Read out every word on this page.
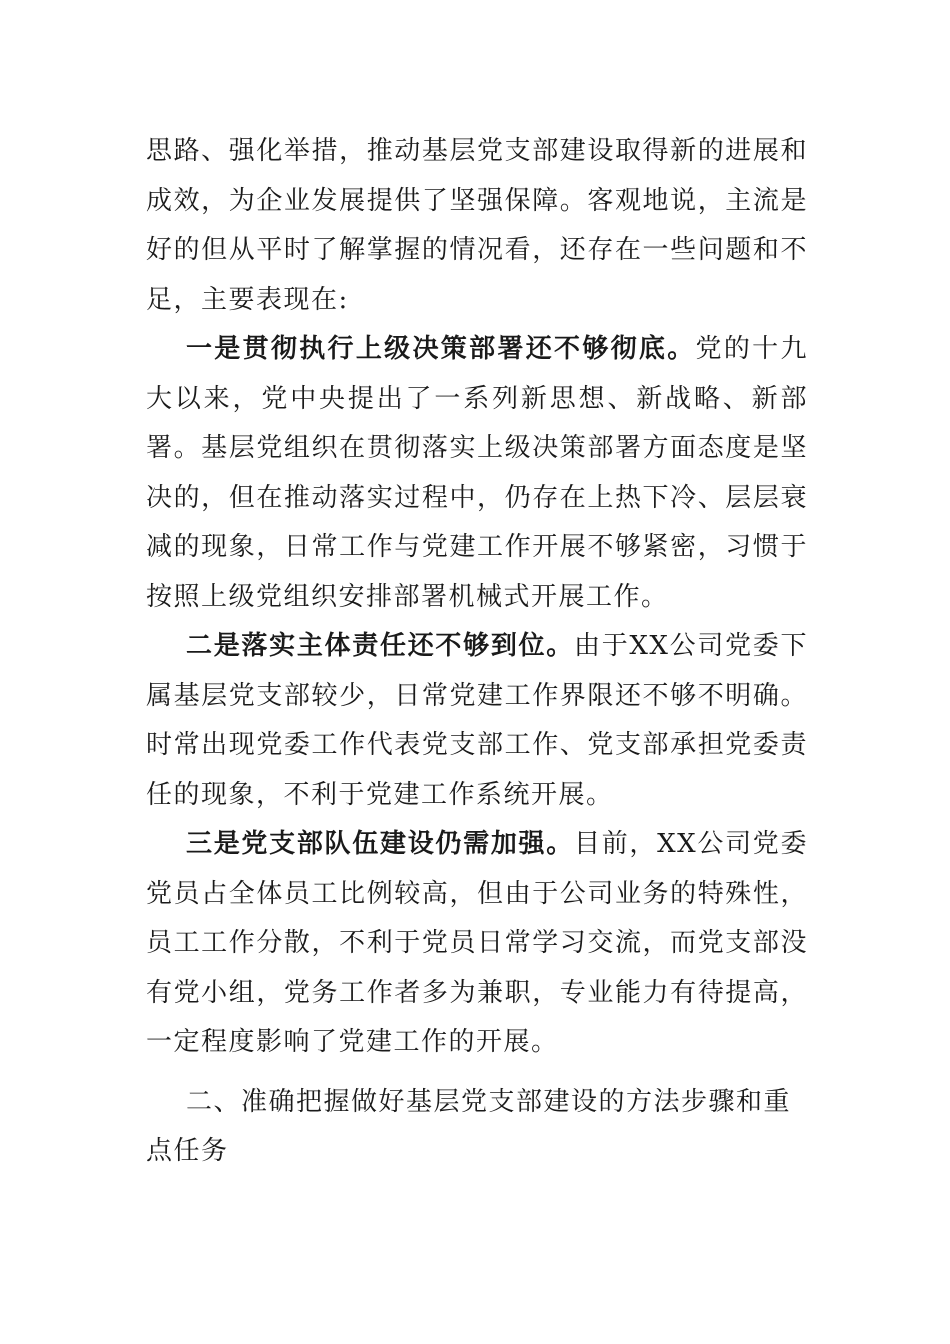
思路、强化举措，推动基层党支部建设取得新的进展和成效，为企业发展提供了坚强保障。客观地说，主流是好的但从平时了解掌握的情况看，还存在一些问题和不足，主要表现在:

一是贯彻执行上级决策部署还不够彻底。党的十九大以来，党中央提出了一系列新思想、新战略、新部署。基层党组织在贯彻落实上级决策部署方面态度是坚决的，但在推动落实过程中，仍存在上热下冷、层层衰减的现象，日常工作与党建工作开展不够紧密，习惯于按照上级党组织安排部署机械式开展工作。

二是落实主体责任还不够到位。由于XX公司党委下属基层党支部较少，日常党建工作界限还不够不明确。时常出现党委工作代表党支部工作、党支部承担党委责任的现象，不利于党建工作系统开展。

三是党支部队伍建设仍需加强。目前，XX公司党委党员占全体员工比例较高，但由于公司业务的特殊性，员工工作分散，不利于党员日常学习交流，而党支部没有党小组，党务工作者多为兼职，专业能力有待提高，一定程度影响了党建工作的开展。

二、准确把握做好基层党支部建设的方法步骤和重点任务
